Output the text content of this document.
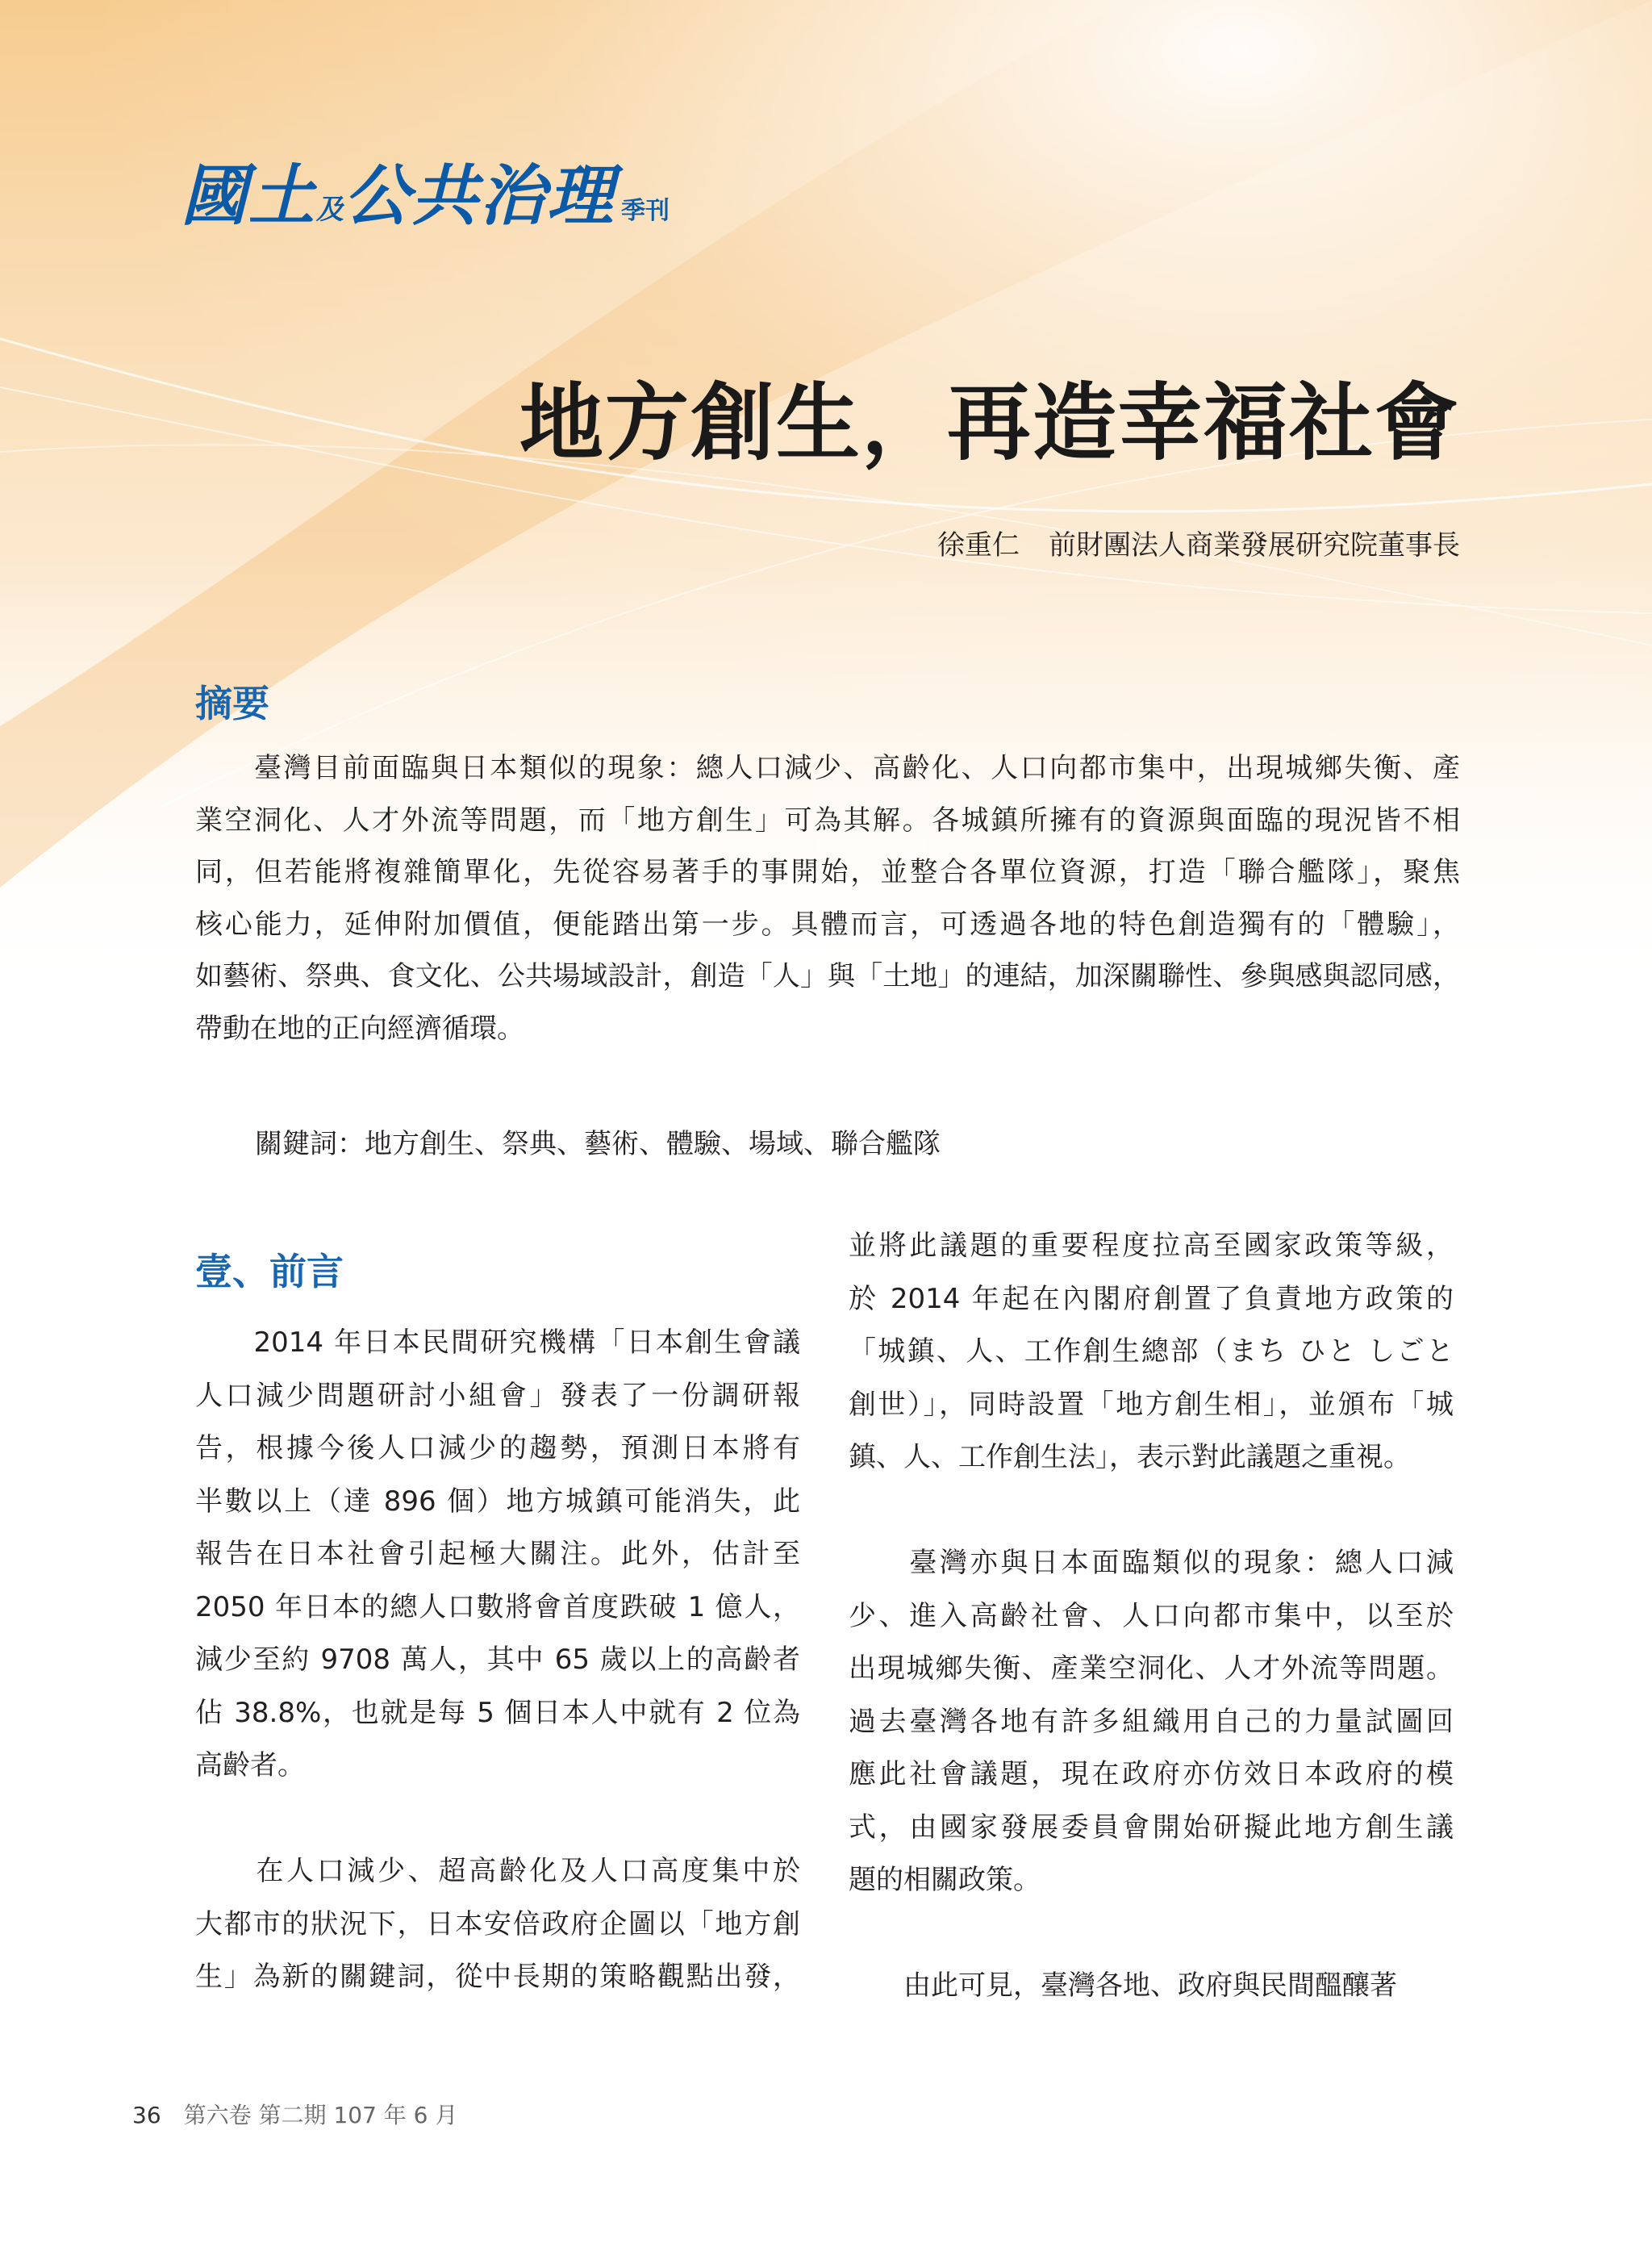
國土及公共治理 季刊
地方創生，再造幸福社會
徐重仁 前財團法人商業發展研究院董事長
摘要
　　臺灣目前面臨與日本類似的現象：總人口減少、高齡化、人口向都市集中，出現城鄉失衡、產
業空洞化、人才外流等問題，而「地方創生」可為其解。各城鎮所擁有的資源與面臨的現況皆不相
同，但若能將複雜簡單化，先從容易著手的事開始，並整合各單位資源，打造「聯合艦隊」，聚焦
核心能力，延伸附加價值，便能踏出第一步。具體而言，可透過各地的特色創造獨有的「體驗」，
如藝術、祭典、食文化、公共場域設計，創造「人」與「土地」的連結，加深關聯性、參與感與認同感，
帶動在地的正向經濟循環。
關鍵詞：地方創生、祭典、藝術、體驗、場域、聯合艦隊
壹、前言
　　2014 年日本民間研究機構「日本創生會議
人口減少問題研討小組會」發表了一份調研報
告，根據今後人口減少的趨勢，預測日本將有
半數以上（達 896 個）地方城鎮可能消失，此
報告在日本社會引起極大關注。此外，估計至
2050 年日本的總人口數將會首度跌破 1 億人，
減少至約 9708 萬人，其中 65 歲以上的高齡者
佔 38.8%，也就是每 5 個日本人中就有 2 位為
高齡者。
　　在人口減少、超高齡化及人口高度集中於
大都市的狀況下，日本安倍政府企圖以「地方創
生」為新的關鍵詞，從中長期的策略觀點出發，
並將此議題的重要程度拉高至國家政策等級，
於 2014 年起在內閣府創置了負責地方政策的
「城鎮、人、工作創生總部（まち ひと しごと
創世）」，同時設置「地方創生相」，並頒布「城
鎮、人、工作創生法」，表示對此議題之重視。
　　臺灣亦與日本面臨類似的現象：總人口減
少、進入高齡社會、人口向都市集中，以至於
出現城鄉失衡、產業空洞化、人才外流等問題。
過去臺灣各地有許多組織用自己的力量試圖回
應此社會議題，現在政府亦仿效日本政府的模
式，由國家發展委員會開始研擬此地方創生議
題的相關政策。
　　由此可見，臺灣各地、政府與民間醞釀著
36 第六卷 第二期 107 年 6 月
